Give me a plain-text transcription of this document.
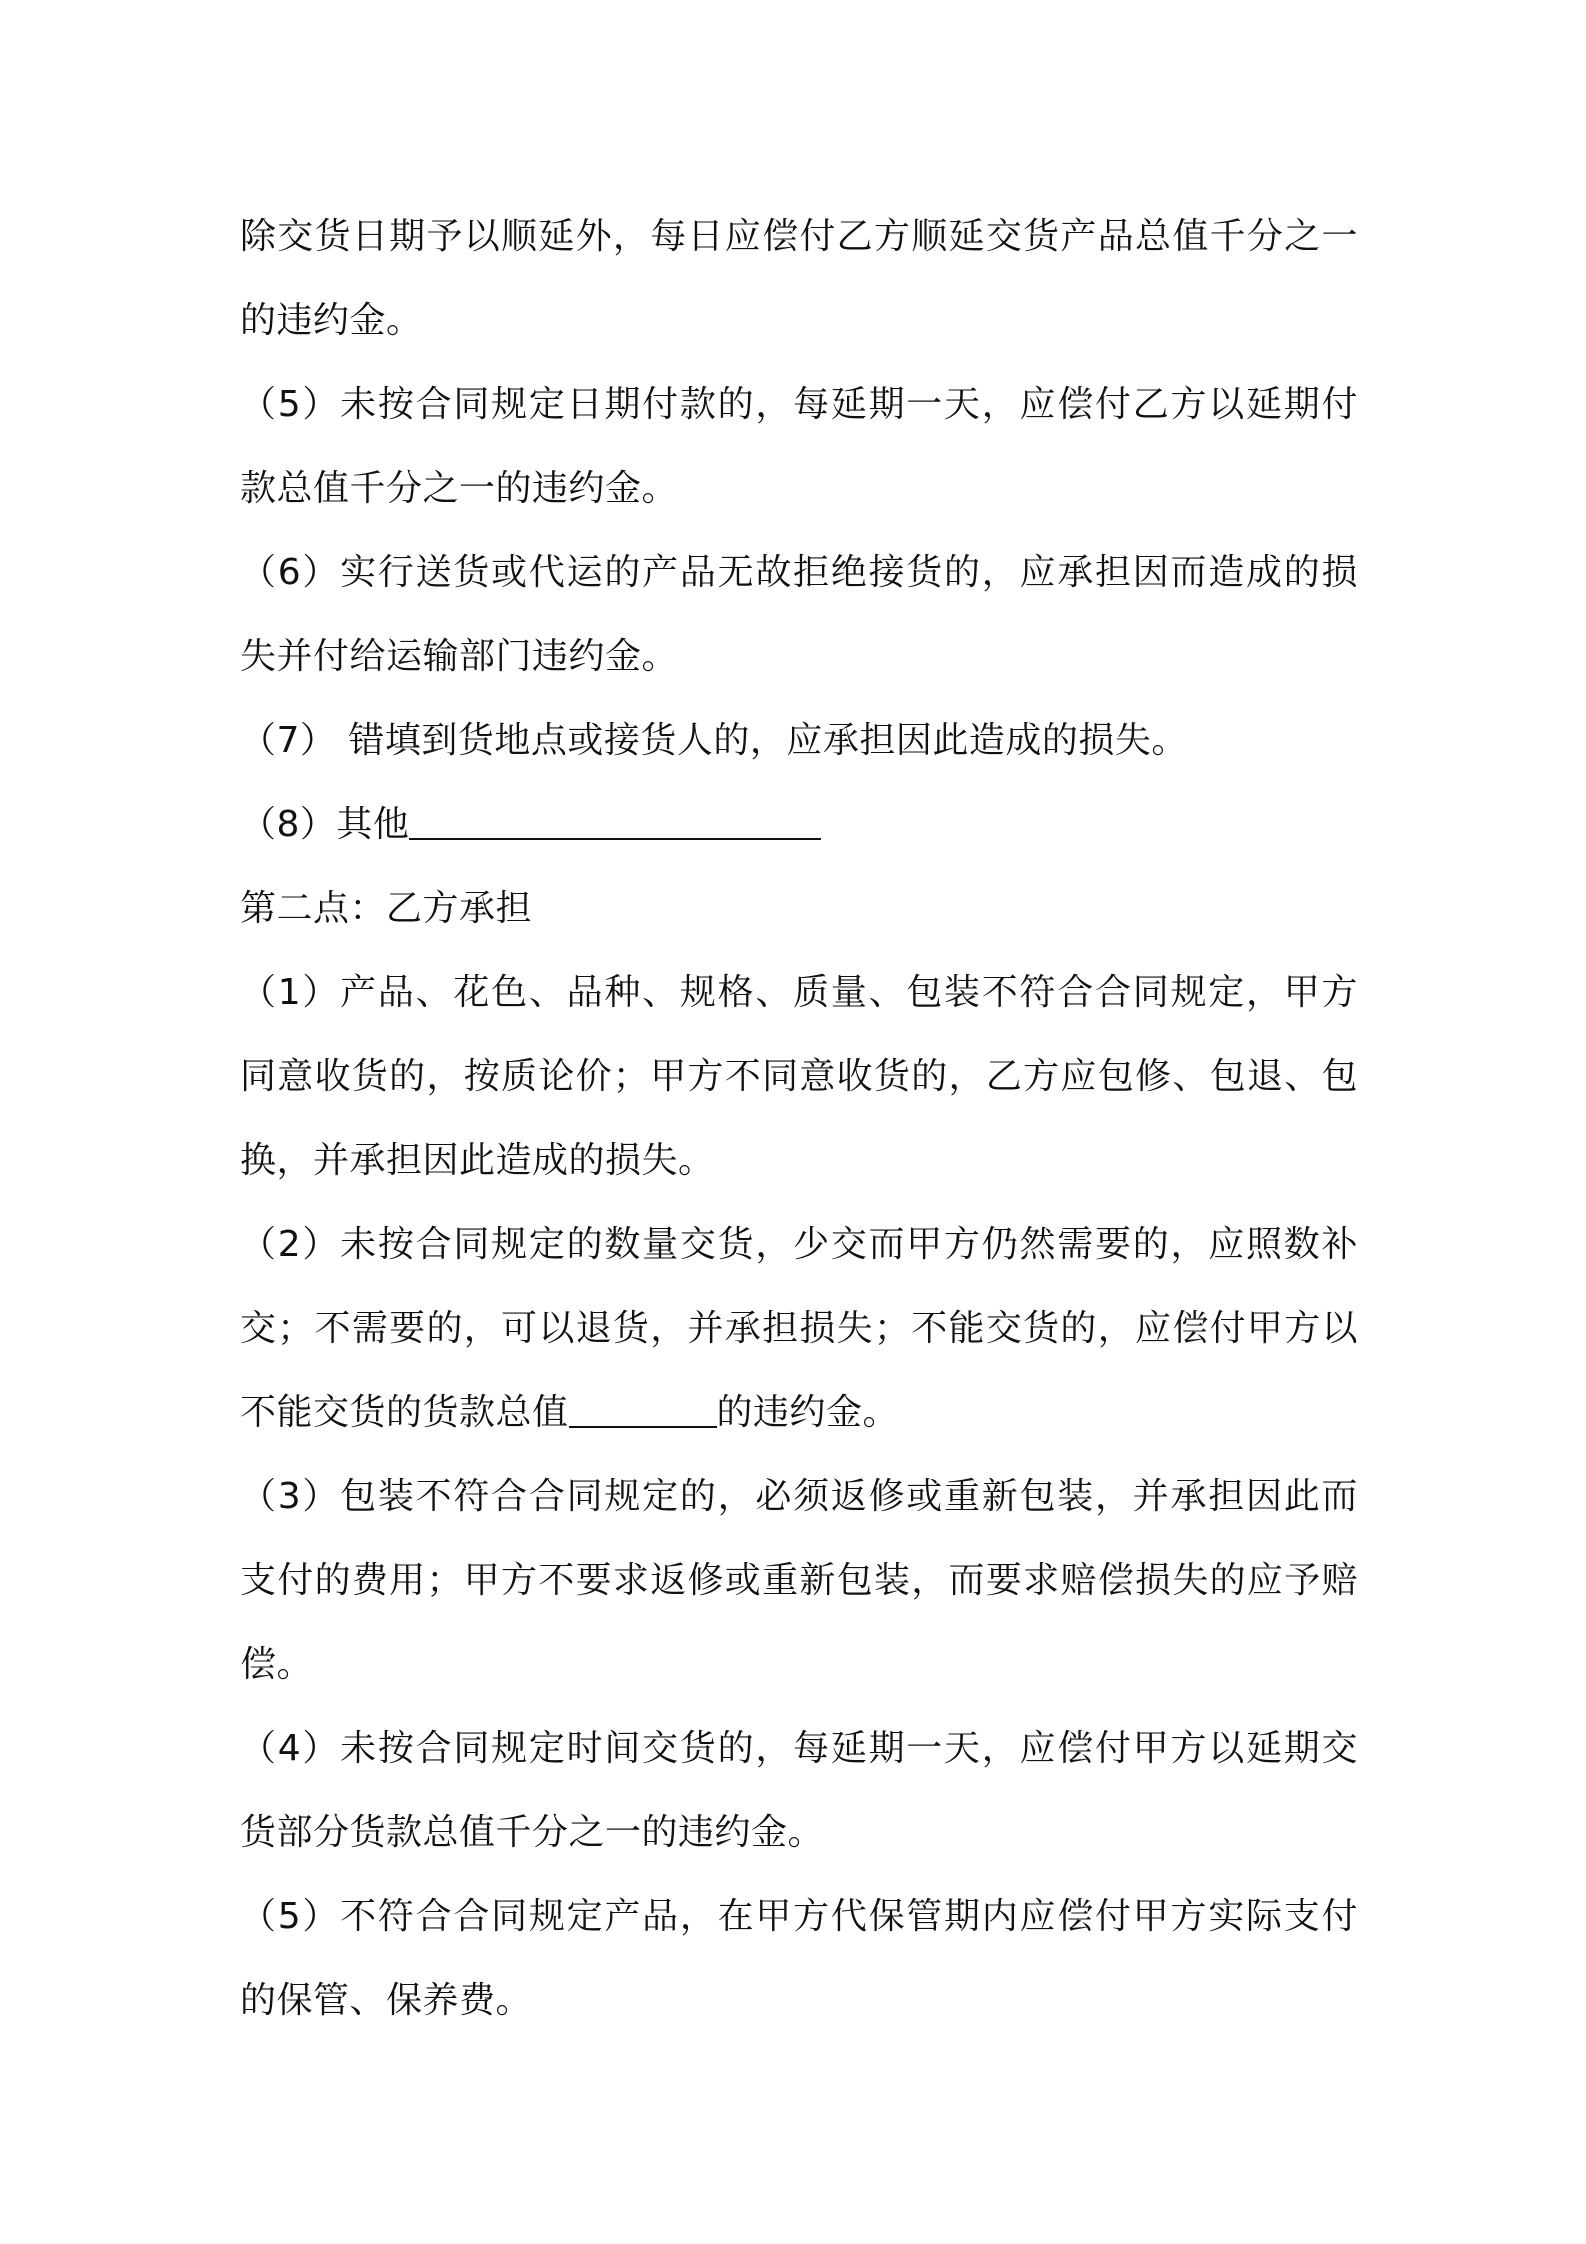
除交货日期予以顺延外，每日应偿付乙方顺延交货产品总值千分之一
的违约金。
（5）未按合同规定日期付款的，每延期一天，应偿付乙方以延期付
款总值千分之一的违约金。
（6）实行送货或代运的产品无故拒绝接货的，应承担因而造成的损
失并付给运输部门违约金。
（7） 错填到货地点或接货人的，应承担因此造成的损失。
（8）其他
第二点：乙方承担
（1）产品、花色、品种、规格、质量、包装不符合合同规定，甲方
同意收货的，按质论价；甲方不同意收货的，乙方应包修、包退、包
换，并承担因此造成的损失。
（2）未按合同规定的数量交货，少交而甲方仍然需要的，应照数补
交；不需要的，可以退货，并承担损失；不能交货的，应偿付甲方以
不能交货的货款总值	的违约金。
（3）包装不符合合同规定的，必须返修或重新包装，并承担因此而
支付的费用；甲方不要求返修或重新包装，而要求赔偿损失的应予赔
偿。
（4）未按合同规定时间交货的，每延期一天，应偿付甲方以延期交
货部分货款总值千分之一的违约金。
（5）不符合合同规定产品，在甲方代保管期内应偿付甲方实际支付
的保管、保养费。
